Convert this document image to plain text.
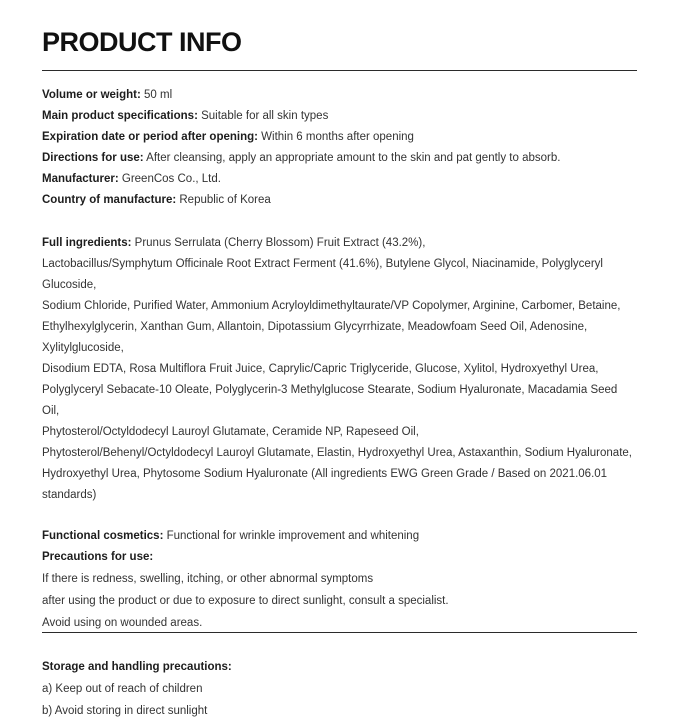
PRODUCT INFO
Volume or weight: 50 ml
Main product specifications: Suitable for all skin types
Expiration date or period after opening: Within 6 months after opening
Directions for use: After cleansing, apply an appropriate amount to the skin and pat gently to absorb.
Manufacturer: GreenCos Co., Ltd.
Country of manufacture: Republic of Korea
Full ingredients: Prunus Serrulata (Cherry Blossom) Fruit Extract (43.2%),
Lactobacillus/Symphytum Officinale Root Extract Ferment (41.6%), Butylene Glycol, Niacinamide, Polyglyceryl Glucoside,
Sodium Chloride, Purified Water, Ammonium Acryloyldimethyltaurate/VP Copolymer, Arginine, Carbomer, Betaine,
Ethylhexylglycerin, Xanthan Gum, Allantoin, Dipotassium Glycyrrhizate, Meadowfoam Seed Oil, Adenosine, Xylitylglucoside,
Disodium EDTA, Rosa Multiflora Fruit Juice, Caprylic/Capric Triglyceride, Glucose, Xylitol, Hydroxyethyl Urea,
Polyglyceryl Sebacate-10 Oleate, Polyglycerin-3 Methylglucose Stearate, Sodium Hyaluronate, Macadamia Seed Oil,
Phytosterol/Octyldodecyl Lauroyl Glutamate, Ceramide NP, Rapeseed Oil,
Phytosterol/Behenyl/Octyldodecyl Lauroyl Glutamate, Elastin, Hydroxyethyl Urea, Astaxanthin, Sodium Hyaluronate,
Hydroxyethyl Urea, Phytosome Sodium Hyaluronate (All ingredients EWG Green Grade / Based on 2021.06.01 standards)
Functional cosmetics: Functional for wrinkle improvement and whitening
Precautions for use:
If there is redness, swelling, itching, or other abnormal symptoms
after using the product or due to exposure to direct sunlight, consult a specialist.
Avoid using on wounded areas.
Storage and handling precautions:
a) Keep out of reach of children
b) Avoid storing in direct sunlight
